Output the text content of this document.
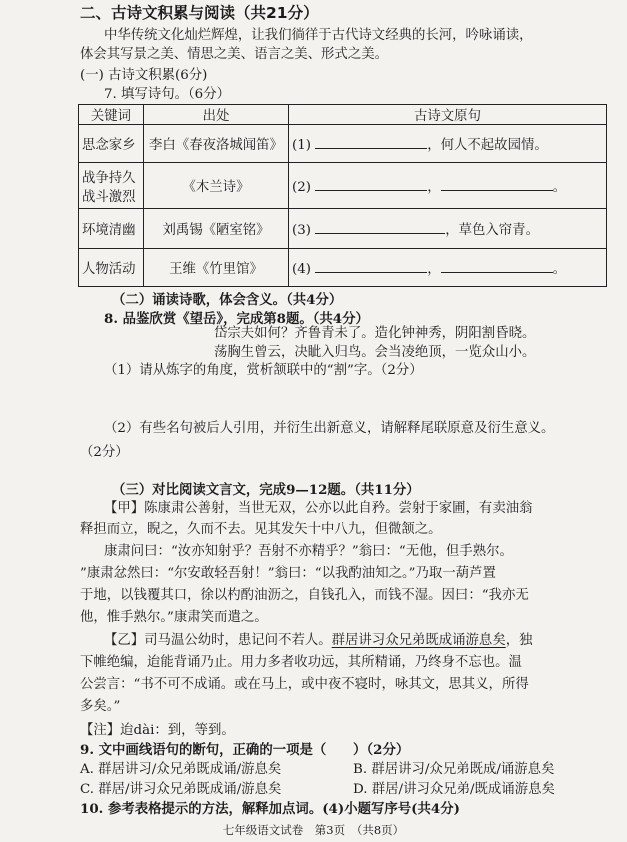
二、古诗文积累与阅读（共21分）
中华传统文化灿烂辉煌，让我们徜徉于古代诗文经典的长河，吟咏诵读，
体会其写景之美、情思之美、语言之美、形式之美。
(一) 古诗文积累(6分)
7. 填写诗句。（6分）
关键词	出处	古诗文原句

思念家乡	李白《春夜洛城闻笛》	(1) ，何人不起故园情。

战争持久
战斗激烈	《木兰诗》	(2) ， 。

环境清幽	刘禹锡《陋室铭》	(3) ，草色入帘青。

人物活动	王维《竹里馆》	(4) ， 。
（二）诵读诗歌，体会含义。（共4分）
8. 品鉴欣赏《望岳》，完成第8题。（共4分）
岱宗夫如何？齐鲁青未了。造化钟神秀，阴阳割昏晓。
荡胸生曾云，决眦入归鸟。会当凌绝顶，一览众山小。
（1）请从炼字的角度，赏析颔联中的“割”字。（2分）
（2）有些名句被后人引用，并衍生出新意义，请解释尾联原意及衍生意义。
（2分）
（三）对比阅读文言文，完成9—12题。（共11分）
【甲】陈康肃公善射，当世无双，公亦以此自矜。尝射于家圃，有卖油翁
释担而立，睨之，久而不去。见其发矢十中八九，但微颔之。
康肃问曰：“汝亦知射乎？吾射不亦精乎？”翁曰：“无他，但手熟尔。
”康肃忿然曰：“尔安敢轻吾射！”翁曰：“以我酌油知之。”乃取一葫芦置
于地，以钱覆其口，徐以杓酌油沥之，自钱孔入，而钱不湿。因曰：“我亦无
他，惟手熟尔。”康肃笑而遣之。
【乙】司马温公幼时，患记问不若人。群居讲习众兄弟既成诵游息矣，独
下帷绝编，迨能背诵乃止。用力多者收功远，其所精诵，乃终身不忘也。温
公尝言：“书不可不成诵。或在马上，或中夜不寝时，咏其文，思其义，所得
多矣。”
【注】迨dài：到，等到。
9. 文中画线语句的断句，正确的一项是（　　）（2分）
A. 群居讲习/众兄弟既成诵/游息矣	B. 群居讲习/众兄弟既成/诵游息矣
C. 群居/讲习众兄弟既成诵/游息矣	D. 群居/讲习众兄弟/既成诵游息矣
10. 参考表格提示的方法，解释加点词。(4)小题写序号(共4分)
七年级语文试卷　第3页　（共8页）
